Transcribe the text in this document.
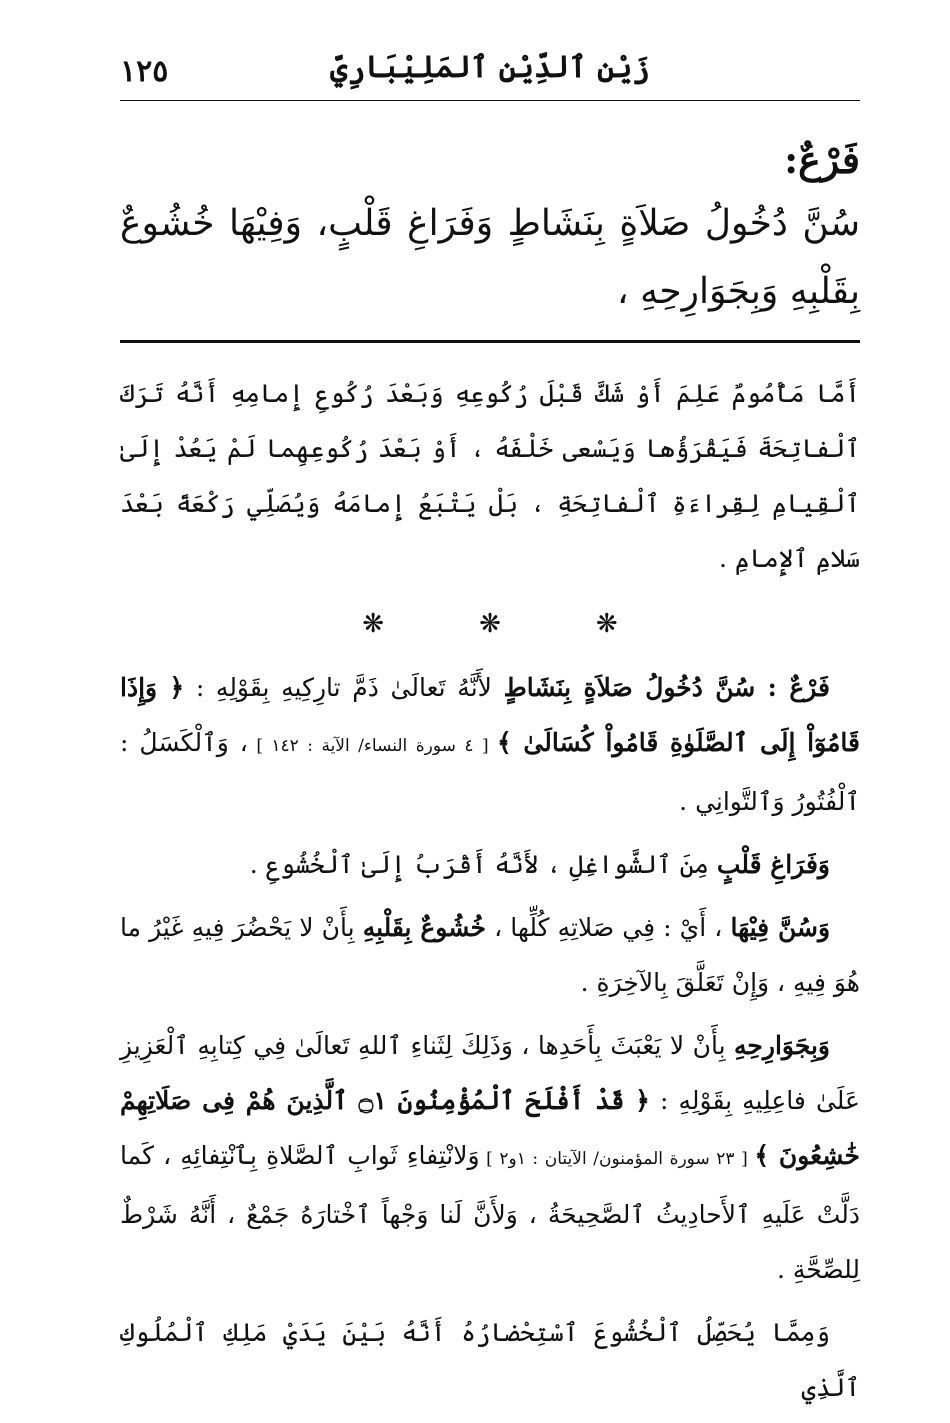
١٢٥	زَيْن ٱلدِّيْنِ ٱلمَلِيْبَارِيّ

فَرْعٌ:

سُنَّ دُخُولُ صَلاَةٍ بِنَشَاطٍ وَفَرَاغِ قَلْبٍ، وَفِيْهَا خُشُوعٌ بِقَلْبِهِ وَبِجَوَارِحِهِ ،

أَمَّا مَأْمُومٌ عَلِمَ أَوْ شَكَّ قَبْلَ رُكُوعِهِ وَبَعْدَ رُكُوعِ إِمامِهِ أَنَّهُ تَرَكَ ٱلْفاتِحَةَ فَيَقْرَؤُها وَيَسْعى خَلْفَهُ ، أَوْ بَعْدَ رُكُوعِهِما لَمْ يَعُدْ إِلَىٰ ٱلْقِيامِ لِقِراءَةِ ٱلْفاتِحَةِ ، بَلْ يَتْبَعُ إِمامَهُ وَيُصَلِّي رَكْعَةً بَعْدَ سَلامِ ٱلإِمامِ .

❋	❋	❋

فَرْعٌ : سُنَّ دُخُولُ صَلاَةٍ بِنَشَاطٍ لأَنَّهُ تَعالَىٰ ذَمَّ تارِكِيهِ بِقَوْلِهِ : ﴿ وَإِذَا قَامُوٓاْ إِلَى ٱلصَّلَوٰةِ قَامُواْ كُسَالَىٰ ﴾ [ ٤ سورة النساء/ الآية : ١٤٢ ] ، وَٱلْكَسَلُ : ٱلْفُتُورُ وَٱلتَّوانِي .

وَفَرَاغِ قَلْبٍ مِنَ ٱلشَّواغِلِ ، لأَنَّهُ أَقْرَبُ إِلَىٰ ٱلْخُشُوعِ .

وَسُنَّ فِيْهَا ، أَيْ : فِي صَلاتِهِ كُلِّها ، خُشُوعٌ بِقَلْبِهِ بِأَنْ لا يَحْضُرَ فِيهِ غَيْرُ ما هُوَ فِيهِ ، وَإِنْ تَعَلَّقَ بِالآخِرَةِ .

وَبِجَوَارِحِهِ بِأَنْ لا يَعْبَثَ بِأَحَدِها ، وَذَلِكَ لِثَناءِ ٱللهِ تَعالَىٰ فِي كِتابِهِ ٱلْعَزِيزِ عَلَىٰ فاعِلِيهِ بِقَوْلِهِ : ﴿ قَدْ أَفْلَحَ ٱلْمُؤْمِنُونَ ۝١ ٱلَّذِينَ هُمْ فِى صَلَاتِهِمْ خَٰشِعُونَ ﴾ [ ٢٣ سورة المؤمنون/ الآيتان : ١و٢ ] وَلانْتِفاءِ ثَوابِ ٱلصَّلاةِ بِٱنْتِفائِهِ ، كَما دَلَّتْ عَلَيهِ ٱلأَحادِيثُ ٱلصَّحِيحَةُ ، وَلأَنَّ لَنا وَجْهاً ٱخْتارَهُ جَمْعٌ ، أَنَّهُ شَرْطٌ لِلصِّحَّةِ .

وَمِمَّا يُحَصِّلُ ٱلْخُشُوعَ ٱسْتِحْضارُهُ أَنَّهُ بَيْنَ يَدَيْ مَلِكِ ٱلْمُلُوكِ ٱلَّذِي
